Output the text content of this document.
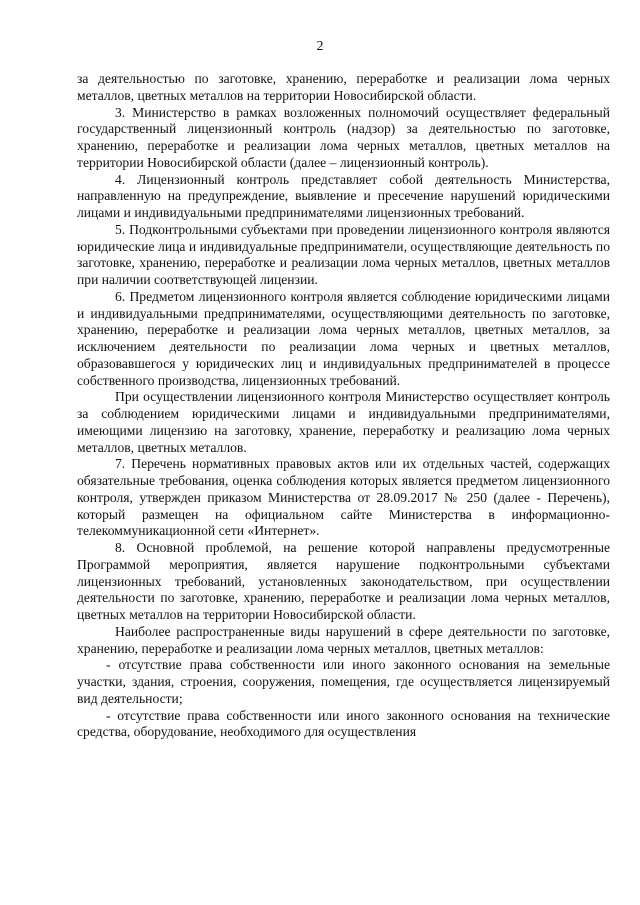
2

за деятельностью по заготовке, хранению, переработке и реализации лома черных металлов, цветных металлов на территории Новосибирской области.

3. Министерство в рамках возложенных полномочий осуществляет федеральный государственный лицензионный контроль (надзор) за деятельностью по заготовке, хранению, переработке и реализации лома черных металлов, цветных металлов на территории Новосибирской области (далее – лицензионный контроль).

4. Лицензионный контроль представляет собой деятельность Министерства, направленную на предупреждение, выявление и пресечение нарушений юридическими лицами и индивидуальными предпринимателями лицензионных требований.

5. Подконтрольными субъектами при проведении лицензионного контроля являются юридические лица и индивидуальные предприниматели, осуществляющие деятельность по заготовке, хранению, переработке и реализации лома черных металлов, цветных металлов при наличии соответствующей лицензии.

6. Предметом лицензионного контроля является соблюдение юридическими лицами и индивидуальными предпринимателями, осуществляющими деятельность по заготовке, хранению, переработке и реализации лома черных металлов, цветных металлов, за исключением деятельности по реализации лома черных и цветных металлов, образовавшегося у юридических лиц и индивидуальных предпринимателей в процессе собственного производства, лицензионных требований.

При осуществлении лицензионного контроля Министерство осуществляет контроль за соблюдением юридическими лицами и индивидуальными предпринимателями, имеющими лицензию на заготовку, хранение, переработку и реализацию лома черных металлов, цветных металлов.

7. Перечень нормативных правовых актов или их отдельных частей, содержащих обязательные требования, оценка соблюдения которых является предметом лицензионного контроля, утвержден приказом Министерства от 28.09.2017 № 250 (далее - Перечень), который размещен на официальном сайте Министерства в информационно-телекоммуникационной сети «Интернет».

8. Основной проблемой, на решение которой направлены предусмотренные Программой мероприятия, является нарушение подконтрольными субъектами лицензионных требований, установленных законодательством, при осуществлении деятельности по заготовке, хранению, переработке и реализации лома черных металлов, цветных металлов на территории Новосибирской области.

Наиболее распространенные виды нарушений в сфере деятельности по заготовке, хранению, переработке и реализации лома черных металлов, цветных металлов:

- отсутствие права собственности или иного законного основания на земельные участки, здания, строения, сооружения, помещения, где осуществляется лицензируемый вид деятельности;

- отсутствие права собственности или иного законного основания на технические средства, оборудование, необходимого для осуществления
